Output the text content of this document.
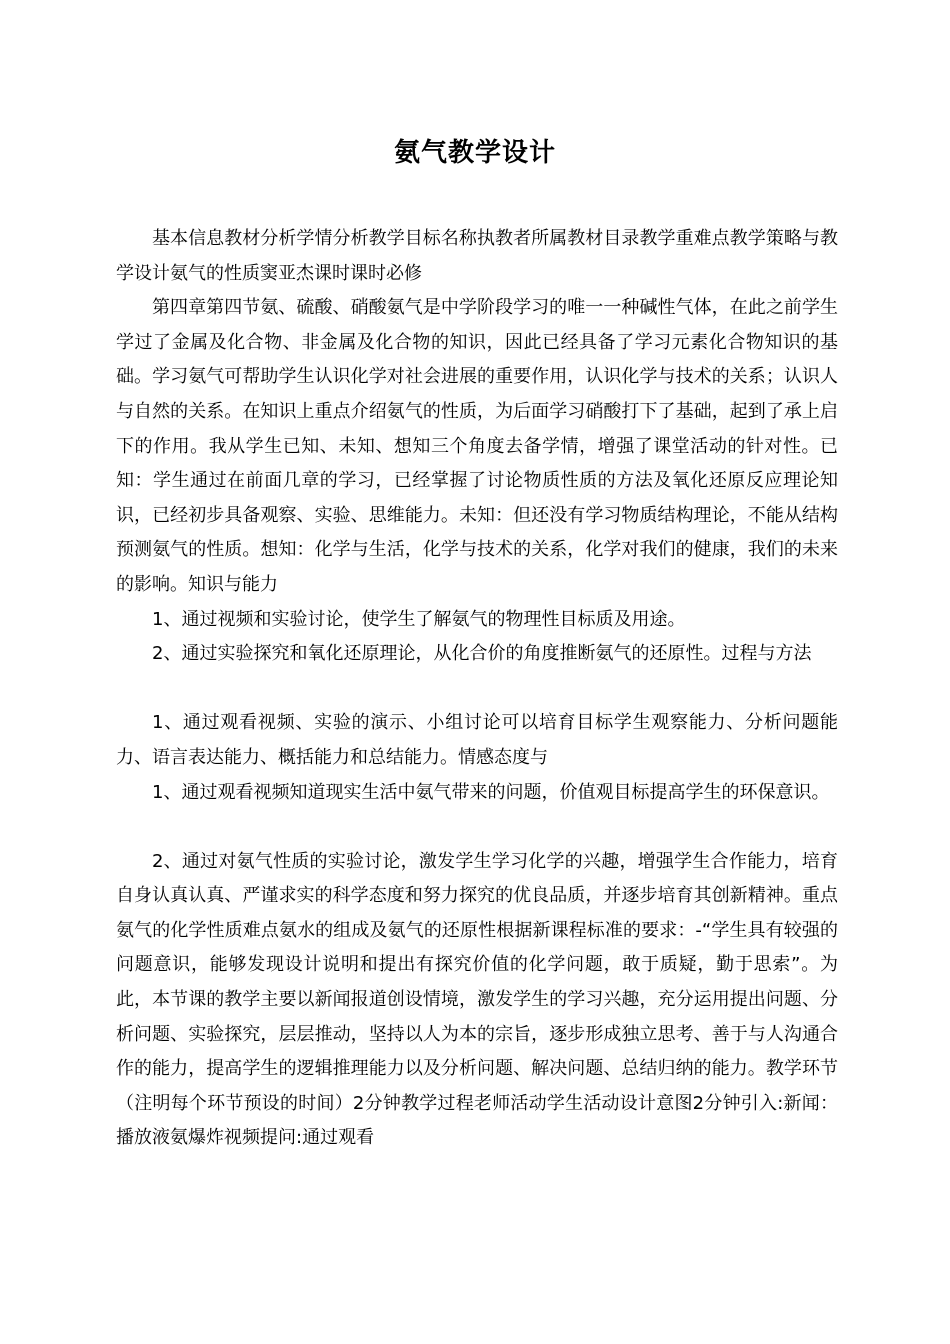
氨气教学设计

基本信息教材分析学情分析教学目标名称执教者所属教材目录教学重难点教学策略与教学设计氨气的性质窦亚杰课时课时必修

第四章第四节氨、硫酸、硝酸氨气是中学阶段学习的唯一一种碱性气体，在此之前学生学过了金属及化合物、非金属及化合物的知识，因此已经具备了学习元素化合物知识的基础。学习氨气可帮助学生认识化学对社会进展的重要作用，认识化学与技术的关系；认识人与自然的关系。在知识上重点介绍氨气的性质，为后面学习硝酸打下了基础，起到了承上启下的作用。我从学生已知、未知、想知三个角度去备学情，增强了课堂活动的针对性。已知：学生通过在前面几章的学习，已经掌握了讨论物质性质的方法及氧化还原反应理论知识，已经初步具备观察、实验、思维能力。未知：但还没有学习物质结构理论，不能从结构预测氨气的性质。想知：化学与生活，化学与技术的关系，化学对我们的健康，我们的未来的影响。知识与能力

1、通过视频和实验讨论，使学生了解氨气的物理性目标质及用途。

2、通过实验探究和氧化还原理论，从化合价的角度推断氨气的还原性。过程与方法

1、通过观看视频、实验的演示、小组讨论可以培育目标学生观察能力、分析问题能力、语言表达能力、概括能力和总结能力。情感态度与

1、通过观看视频知道现实生活中氨气带来的问题，价值观目标提高学生的环保意识。

2、通过对氨气性质的实验讨论，激发学生学习化学的兴趣，增强学生合作能力，培育自身认真认真、严谨求实的科学态度和努力探究的优良品质，并逐步培育其创新精神。重点氨气的化学性质难点氨水的组成及氨气的还原性根据新课程标准的要求：-“学生具有较强的问题意识，能够发现设计说明和提出有探究价值的化学问题，敢于质疑，勤于思索”。为此，本节课的教学主要以新闻报道创设情境，激发学生的学习兴趣，充分运用提出问题、分析问题、实验探究，层层推动，坚持以人为本的宗旨，逐步形成独立思考、善于与人沟通合作的能力，提高学生的逻辑推理能力以及分析问题、解决问题、总结归纳的能力。教学环节（注明每个环节预设的时间）2分钟教学过程老师活动学生活动设计意图2分钟引入:新闻：播放液氨爆炸视频提问:通过观看
